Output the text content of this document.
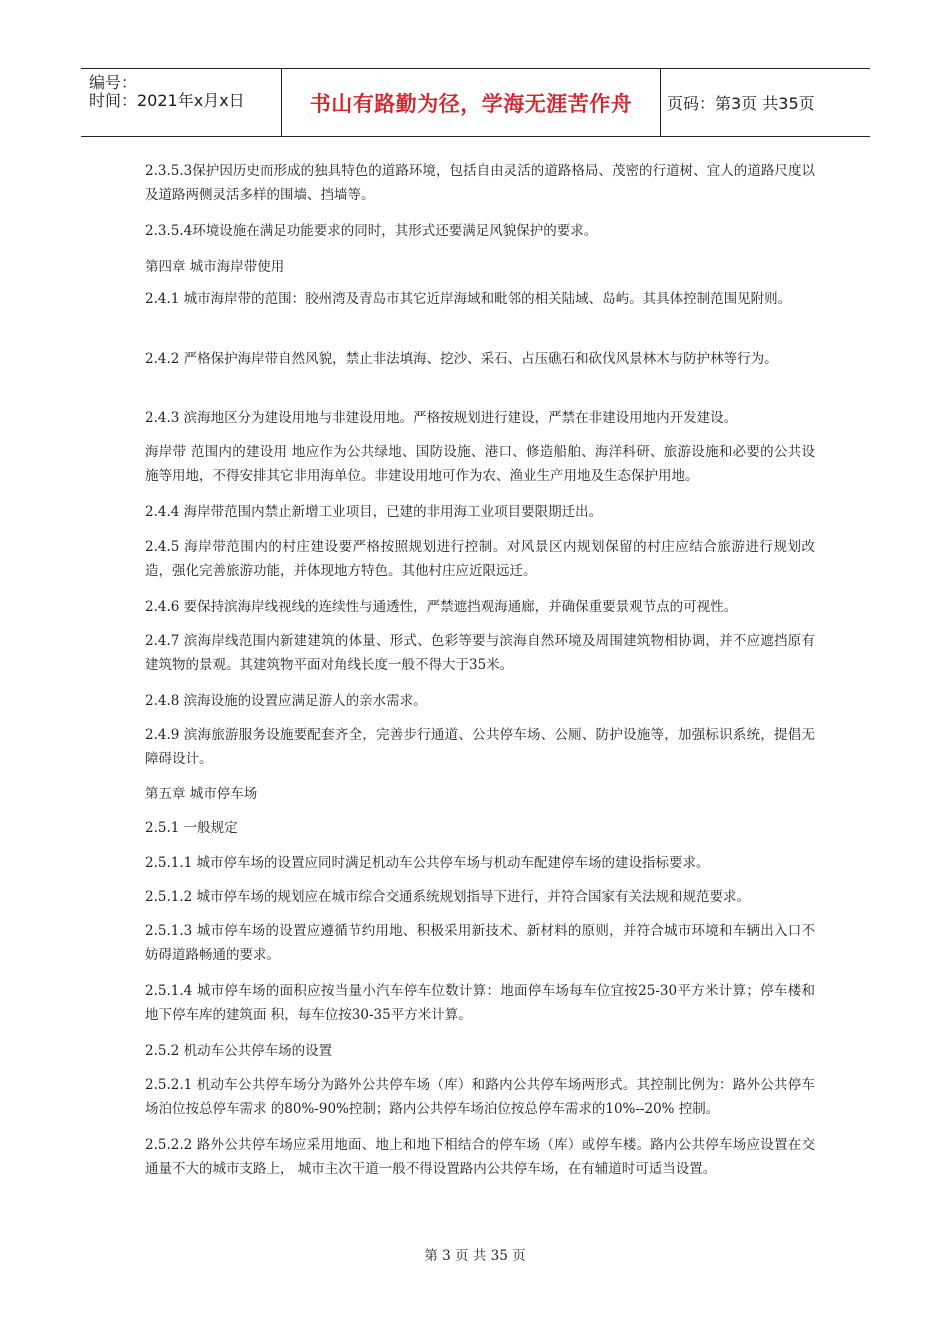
编号：
时间：2021年x月x日	书山有路勤为径，学海无涯苦作舟 页码：第3页 共35页
2.3.5.3保护因历史而形成的独具特色的道路环境，包括自由灵活的道路格局、茂密的行道树、宜人的道路尺度以及道路两侧灵活多样的围墙、挡墙等。
2.3.5.4环境设施在满足功能要求的同时，其形式还要满足风貌保护的要求。
第四章 城市海岸带使用
2.4.1 城市海岸带的范围：胶州湾及青岛市其它近岸海域和毗邻的相关陆域、岛屿。其具体控制范围见附则。
2.4.2 严格保护海岸带自然风貌，禁止非法填海、挖沙、采石、占压礁石和砍伐风景林木与防护林等行为。
2.4.3 滨海地区分为建设用地与非建设用地。严格按规划进行建设，严禁在非建设用地内开发建设。
海岸带 范围内的建设用 地应作为公共绿地、国防设施、港口、修造船舶、海洋科研、旅游设施和必要的公共设施等用地，不得安排其它非用海单位。非建设用地可作为农、渔业生产用地及生态保护用地。
2.4.4 海岸带范围内禁止新增工业项目，已建的非用海工业项目要限期迁出。
2.4.5 海岸带范围内的村庄建设要严格按照规划进行控制。对风景区内规划保留的村庄应结合旅游进行规划改造，强化完善旅游功能，并体现地方特色。其他村庄应近限远迁。
2.4.6 要保持滨海岸线视线的连续性与通透性，严禁遮挡观海通廊，并确保重要景观节点的可视性。
2.4.7 滨海岸线范围内新建建筑的体量、形式、色彩等要与滨海自然环境及周围建筑物相协调，并不应遮挡原有建筑物的景观。其建筑物平面对角线长度一般不得大于35米。
2.4.8 滨海设施的设置应满足游人的亲水需求。
2.4.9 滨海旅游服务设施要配套齐全，完善步行通道、公共停车场、公厕、防护设施等，加强标识系统，提倡无障碍设计。
第五章 城市停车场
2.5.1 一般规定
2.5.1.1 城市停车场的设置应同时满足机动车公共停车场与机动车配建停车场的建设指标要求。
2.5.1.2 城市停车场的规划应在城市综合交通系统规划指导下进行，并符合国家有关法规和规范要求。
2.5.1.3 城市停车场的设置应遵循节约用地、积极采用新技术、新材料的原则，并符合城市环境和车辆出入口不妨碍道路畅通的要求。
2.5.1.4 城市停车场的面积应按当量小汽车停车位数计算：地面停车场每车位宜按25-30平方米计算；停车楼和地下停车库的建筑面 积，每车位按30-35平方米计算。
2.5.2 机动车公共停车场的设置
2.5.2.1 机动车公共停车场分为路外公共停车场（库）和路内公共停车场两形式。其控制比例为：路外公共停车场泊位按总停车需求 的80%-90%控制；路内公共停车场泊位按总停车需求的10%--20% 控制。
2.5.2.2 路外公共停车场应采用地面、地上和地下相结合的停车场（库）或停车楼。路内公共停车场应设置在交通量不大的城市支路上， 城市主次干道一般不得设置路内公共停车场，在有辅道时可适当设置。
第 3 页 共 35 页
